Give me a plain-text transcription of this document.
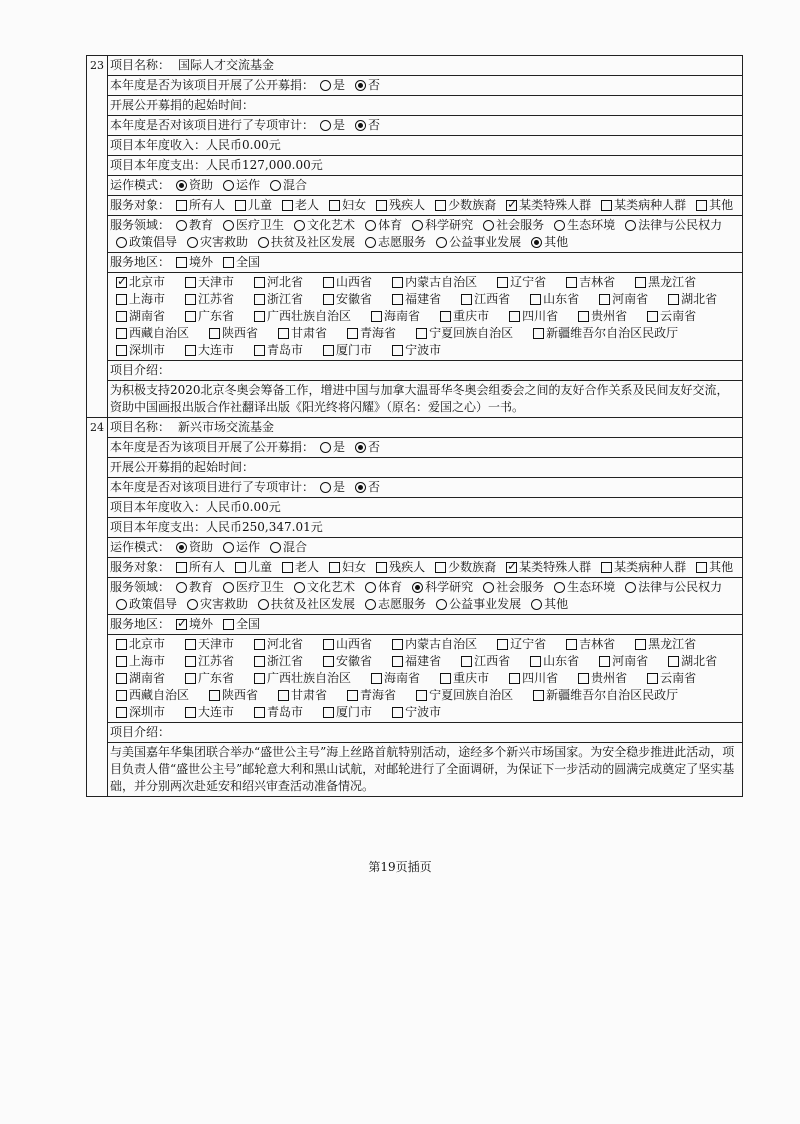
23	项目名称： 国际人才交流基金
	本年度是否为该项目开展了公开募捐： 是 否
	开展公开募捐的起始时间：
	本年度是否对该项目进行了专项审计： 是 否
	项目本年度收入：人民币0.00元
	项目本年度支出：人民币127,000.00元
	运作模式： 资助 运作 混合
	服务对象： 所有人 儿童 老人 妇女 残疾人 少数族裔 ✓ 某类特殊人群 某类病种人群 其他
	服务领域： 教育 医疗卫生 文化艺术 体育 科学研究 社会服务 生态环境 法律与公民权力政策倡导 灾害救助 扶贫及社区发展 志愿服务 公益事业发展 其他
	服务地区： 境外 全国
✓北京市 天津市 河北省 山西省 内蒙古自治区 辽宁省 吉林省 黑龙江省上海市 江苏省 浙江省 安徽省 福建省 江西省 山东省 河南省 湖北省湖南省 广东省 广西壮族自治区 海南省 重庆市 四川省 贵州省 云南省西藏自治区 陕西省 甘肃省 青海省 宁夏回族自治区 新疆维吾尔自治区民政厅深圳市 大连市 青岛市 厦门市 宁波市
	项目介绍：
	为积极支持2020北京冬奥会筹备工作，增进中国与加拿大温哥华冬奥会组委会之间的友好合作关系及民间友好交流，资助中国画报出版合作社翻译出版《阳光终将闪耀》（原名：爱国之心）一书。
24	项目名称： 新兴市场交流基金
	本年度是否为该项目开展了公开募捐： 是 否
	开展公开募捐的起始时间：
	本年度是否对该项目进行了专项审计： 是 否
	项目本年度收入：人民币0.00元
	项目本年度支出：人民币250,347.01元
	运作模式： 资助 运作 混合
	服务对象： 所有人 儿童 老人 妇女 残疾人 少数族裔 ✓ 某类特殊人群 某类病种人群 其他
	服务领域： 教育 医疗卫生 文化艺术 体育 科学研究 社会服务 生态环境 法律与公民权力政策倡导 灾害救助 扶贫及社区发展 志愿服务 公益事业发展 其他
	服务地区： ✓ 境外 全国
	北京市 天津市 河北省 山西省 内蒙古自治区 辽宁省 吉林省 黑龙江省上海市 江苏省 浙江省 安徽省 福建省 江西省 山东省 河南省 湖北省湖南省 广东省 广西壮族自治区 海南省 重庆市 四川省 贵州省 云南省西藏自治区 陕西省 甘肃省 青海省 宁夏回族自治区 新疆维吾尔自治区民政厅深圳市 大连市 青岛市 厦门市 宁波市
	项目介绍：
	与美国嘉年华集团联合举办“盛世公主号”海上丝路首航特别活动，途经多个新兴市场国家。为安全稳步推进此活动，项目负责人借“盛世公主号”邮轮意大利和黑山试航，对邮轮进行了全面调研，为保证下一步活动的圆满完成奠定了坚实基础，并分别两次赴延安和绍兴审查活动准备情况。
第19页插页
